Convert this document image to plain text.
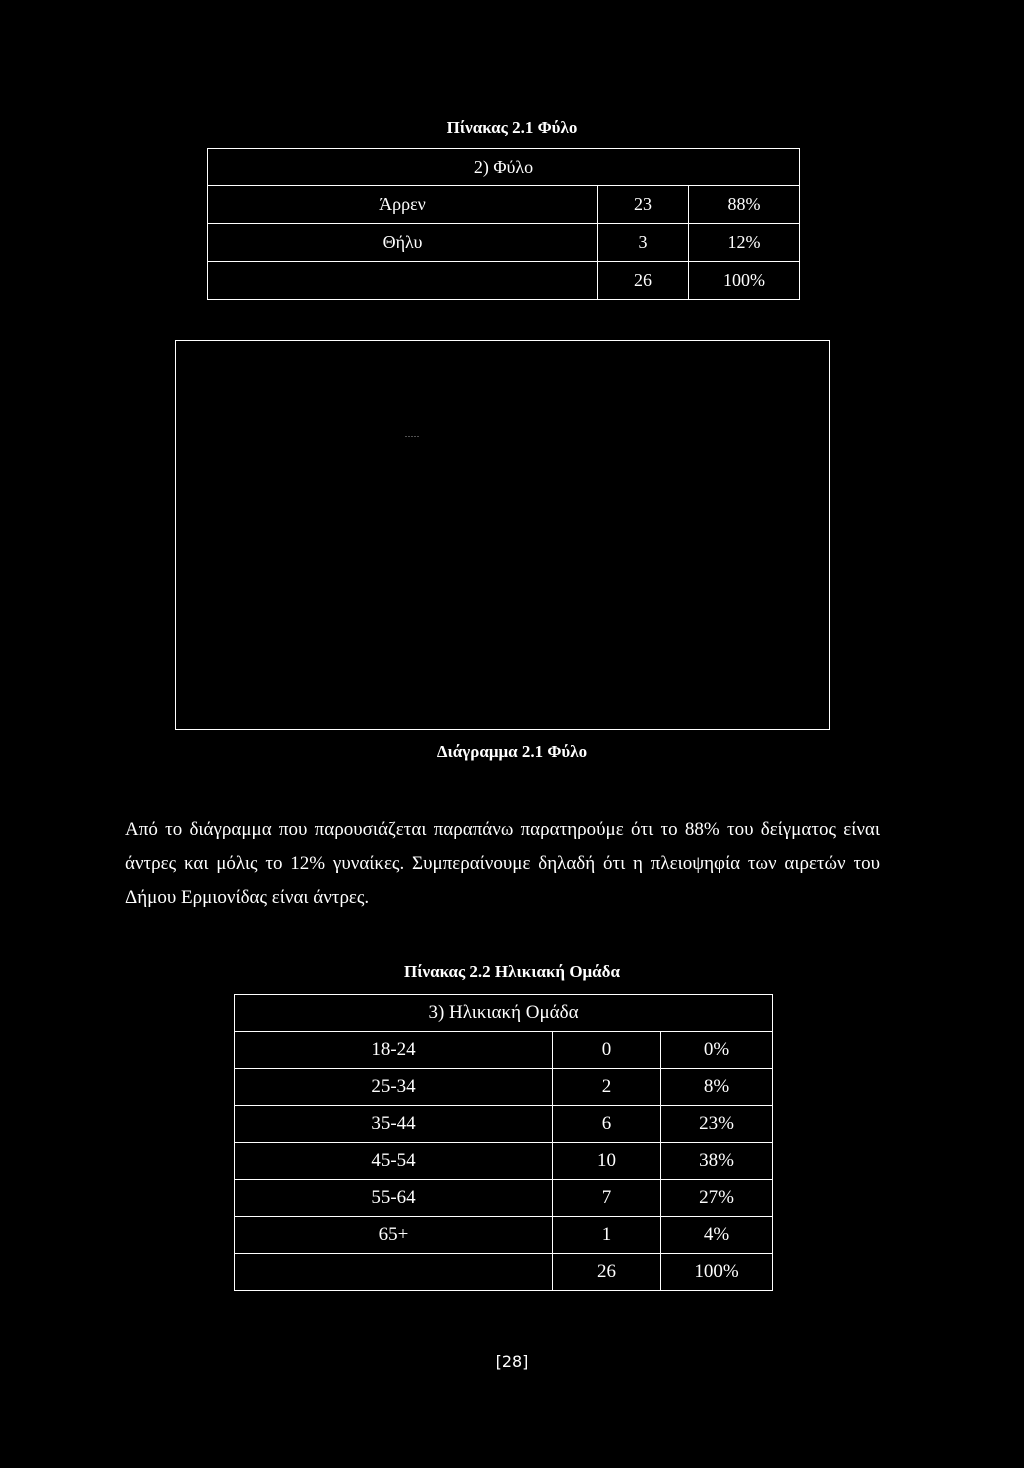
Πίνακας 2.1 Φύλο
2) Φύλο		
Άρρεν	23	88%
Θήλυ	3	12%
	26	100%
.....
Διάγραμμα 2.1 Φύλο
Από το διάγραμμα που παρουσιάζεται παραπάνω παρατηρούμε ότι το 88% του δείγματος είναι άντρες και μόλις το 12% γυναίκες. Συμπεραίνουμε δηλαδή ότι η πλειοψηφία των αιρετών του Δήμου Ερμιονίδας είναι άντρες.
Πίνακας 2.2 Ηλικιακή Ομάδα
3) Ηλικιακή Ομάδα		
18-24	0	0%
25-34	2	8%
35-44	6	23%
45-54	10	38%
55-64	7	27%
65+	1	4%
	26	100%
[28]
